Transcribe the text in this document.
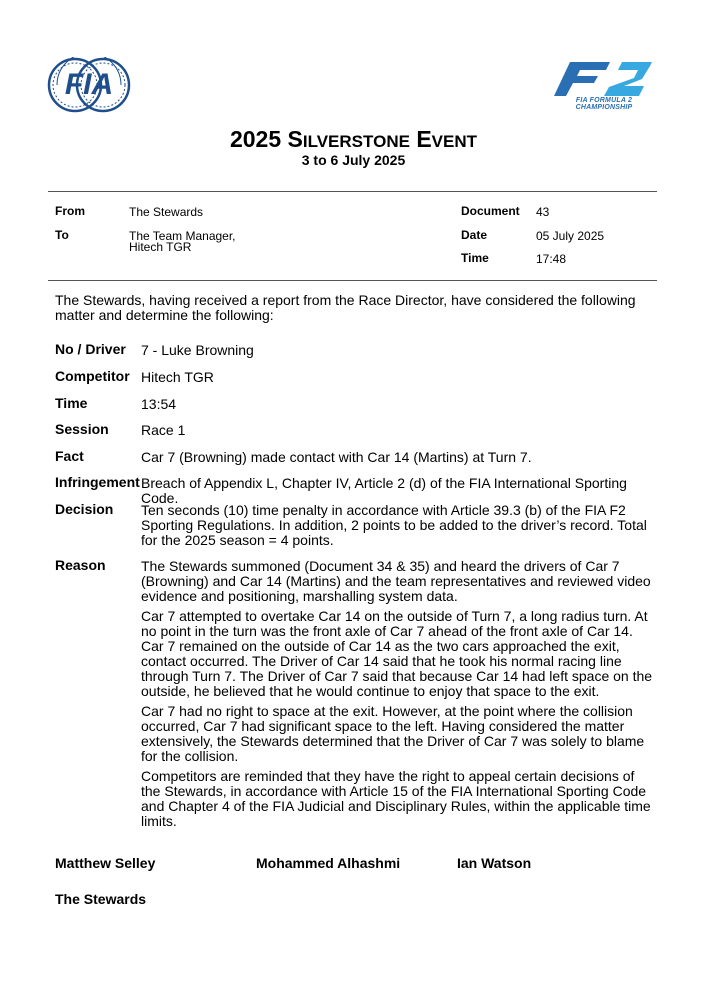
FIA	FIA FORMULA 2
CHAMPIONSHIP
2025 SILVERSTONE EVENT
3 to 6 July 2025
From	The Stewards
To	The Team Manager,
Hitech TGR
Document 43
Date	05 July 2025
Time	17:48
The Stewards, having received a report from the Race Director, have considered the following matter and determine the following:
No / Driver 7 - Luke Browning
Competitor Hitech TGR
Time	13:54
Session Race 1
Fact	Car 7 (Browning) made contact with Car 14 (Martins) at Turn 7.
Infringement Breach of Appendix L, Chapter IV, Article 2 (d) of the FIA International Sporting Code.
Decision Ten seconds (10) time penalty in accordance with Article 39.3 (b) of the FIA F2 Sporting Regulations. In addition, 2 points to be added to the driver’s record. Total for the 2025 season = 4 points.
Reason	The Stewards summoned (Document 34 & 35) and heard the drivers of Car 7 (Browning) and Car 14 (Martins) and the team representatives and reviewed video evidence and positioning, marshalling system data.

Car 7 attempted to overtake Car 14 on the outside of Turn 7, a long radius turn. At no point in the turn was the front axle of Car 7 ahead of the front axle of Car 14. Car 7 remained on the outside of Car 14 as the two cars approached the exit, contact occurred. The Driver of Car 14 said that he took his normal racing line through Turn 7. The Driver of Car 7 said that because Car 14 had left space on the outside, he believed that he would continue to enjoy that space to the exit.

Car 7 had no right to space at the exit. However, at the point where the collision occurred, Car 7 had significant space to the left. Having considered the matter extensively, the Stewards determined that the Driver of Car 7 was solely to blame for the collision.

Competitors are reminded that they have the right to appeal certain decisions of the Stewards, in accordance with Article 15 of the FIA International Sporting Code and Chapter 4 of the FIA Judicial and Disciplinary Rules, within the applicable time limits.

Matthew Selley	Mohammed Alhashmi	Ian Watson
The Stewards
